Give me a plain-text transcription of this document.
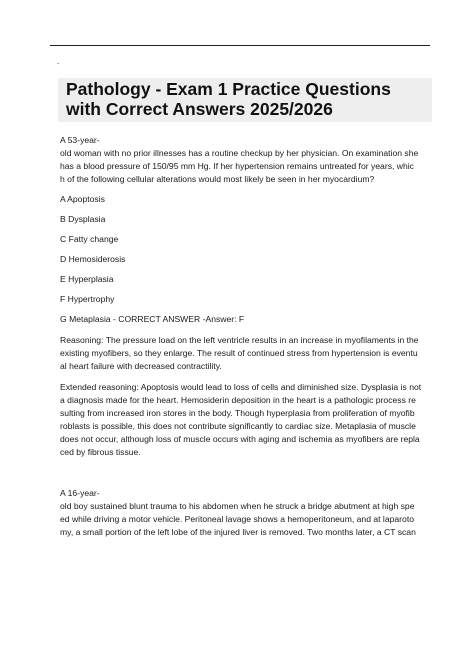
.
Pathology - Exam 1 Practice Questions
with Correct Answers 2025/2026
A 53-year-
old woman with no prior illnesses has a routine checkup by her physician. On examination she
has a blood pressure of 150/95 mm Hg. If her hypertension remains untreated for years, whic
h of the following cellular alterations would most likely be seen in her myocardium?
A Apoptosis
B Dysplasia
C Fatty change
D Hemosiderosis
E Hyperplasia
F Hypertrophy
G Metaplasia - CORRECT ANSWER -Answer: F
Reasoning: The pressure load on the left ventricle results in an increase in myofilaments in the
existing myofibers, so they enlarge. The result of continued stress from hypertension is eventu
al heart failure with decreased contractility.
Extended reasoning: Apoptosis would lead to loss of cells and diminished size. Dysplasia is not
a diagnosis made for the heart. Hemosiderin deposition in the heart is a pathologic process re
sulting from increased iron stores in the body. Though hyperplasia from proliferation of myofib
roblasts is possible, this does not contribute significantly to cardiac size. Metaplasia of muscle
does not occur, although loss of muscle occurs with aging and ischemia as myofibers are repla
ced by fibrous tissue.
A 16-year-
old boy sustained blunt trauma to his abdomen when he struck a bridge abutment at high spe
ed while driving a motor vehicle. Peritoneal lavage shows a hemoperitoneum, and at laparoto
my, a small portion of the left lobe of the injured liver is removed. Two months later, a CT scan
